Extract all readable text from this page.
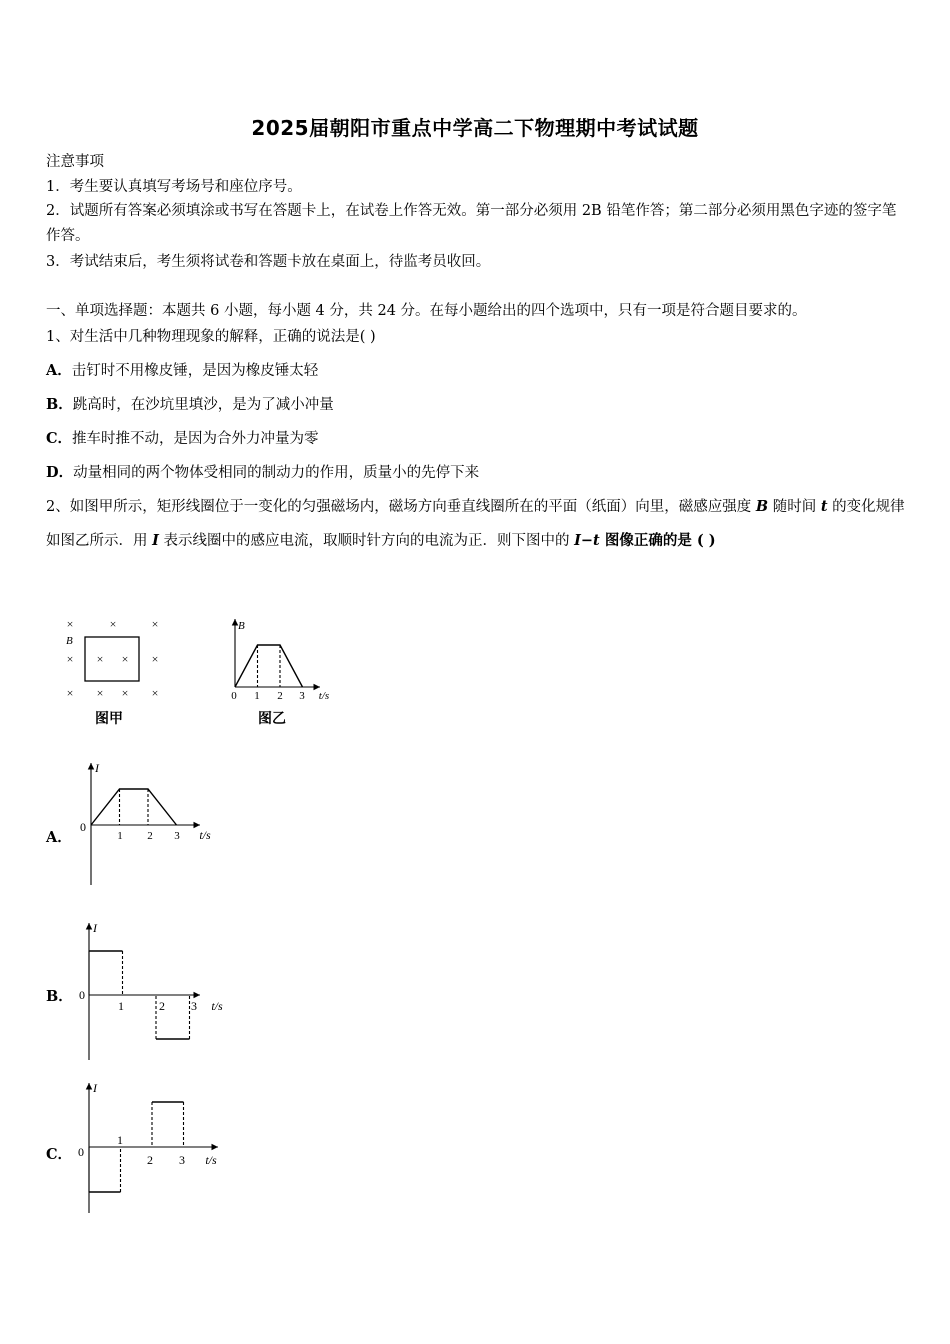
2025届朝阳市重点中学高二下物理期中考试试题
注意事项
1．考生要认真填写考场号和座位序号。
2．试题所有答案必须填涂或书写在答题卡上，在试卷上作答无效。第一部分必须用 2B 铅笔作答；第二部分必须用黑色字迹的签字笔作答。
3．考试结束后，考生须将试卷和答题卡放在桌面上，待监考员收回。
一、单项选择题：本题共 6 小题，每小题 4 分，共 24 分。在每小题给出的四个选项中，只有一项是符合题目要求的。
1、对生活中几种物理现象的解释，正确的说法是( )
A．击钉时不用橡皮锤，是因为橡皮锤太轻
B．跳高时，在沙坑里填沙，是为了减小冲量
C．推车时推不动，是因为合外力冲量为零
D．动量相同的两个物体受相同的制动力的作用，质量小的先停下来
2、如图甲所示，矩形线圈位于一变化的匀强磁场内，磁场方向垂直线圈所在的平面（纸面）向里，磁感应强度 B 随时间 t 的变化规律如图乙所示．用 I 表示线圈中的感应电流，取顺时针方向的电流为正．则下图中的 I−t 图像正确的是 ( )
×	×	×
× × × ×
× × × ×
B
图甲
B
0 1 2 3 t/s
图乙
A．
I
0
1 2 3 t/s
B．
I
0
1	2 3 t/s
C．
I
0
1
2 3 t/s
